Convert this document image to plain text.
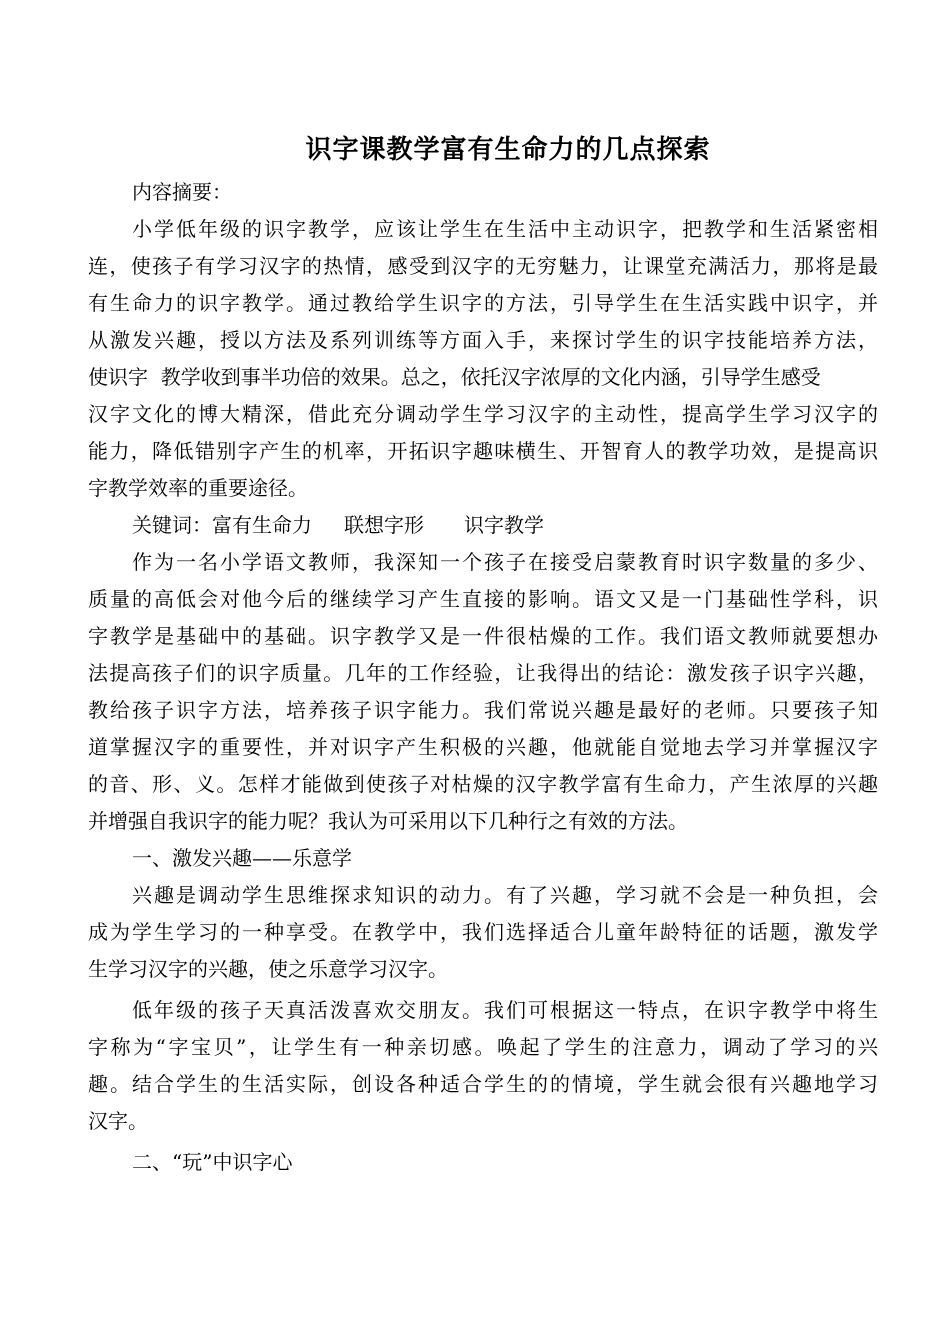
识字课教学富有生命力的几点探索
内容摘要：
小学低年级的识字教学，应该让学生在生活中主动识字，把教学和生活紧密相
连，使孩子有学习汉字的热情，感受到汉字的无穷魅力，让课堂充满活力，那将是最
有生命力的识字教学。通过教给学生识字的方法，引导学生在生活实践中识字，并
从激发兴趣，授以方法及系列训练等方面入手，来探讨学生的识字技能培养方法，
使识字  教学收到事半功倍的效果。总之，依托汉字浓厚的文化内涵，引导学生感受
汉字文化的博大精深，借此充分调动学生学习汉字的主动性，提高学生学习汉字的
能力，降低错别字产生的机率，开拓识字趣味横生、开智育人的教学功效，是提高识
字教学效率的重要途径。
关键词：富有生命力 联想字形 识字教学
作为一名小学语文教师，我深知一个孩子在接受启蒙教育时识字数量的多少、
质量的高低会对他今后的继续学习产生直接的影响。语文又是一门基础性学科，识
字教学是基础中的基础。识字教学又是一件很枯燥的工作。我们语文教师就要想办
法提高孩子们的识字质量。几年的工作经验，让我得出的结论：激发孩子识字兴趣，
教给孩子识字方法，培养孩子识字能力。我们常说兴趣是最好的老师。只要孩子知
道掌握汉字的重要性，并对识字产生积极的兴趣，他就能自觉地去学习并掌握汉字
的音、形、义。怎样才能做到使孩子对枯燥的汉字教学富有生命力，产生浓厚的兴趣
并增强自我识字的能力呢？我认为可采用以下几种行之有效的方法。
一、激发兴趣——乐意学
兴趣是调动学生思维探求知识的动力。有了兴趣，学习就不会是一种负担，会
成为学生学习的一种享受。在教学中，我们选择适合儿童年龄特征的话题，激发学
生学习汉字的兴趣，使之乐意学习汉字。
低年级的孩子天真活泼喜欢交朋友。我们可根据这一特点，在识字教学中将生
字称为“字宝贝”，让学生有一种亲切感。唤起了学生的注意力，调动了学习的兴
趣。结合学生的生活实际，创设各种适合学生的的情境，学生就会很有兴趣地学习
汉字。
二、“玩”中识字心
